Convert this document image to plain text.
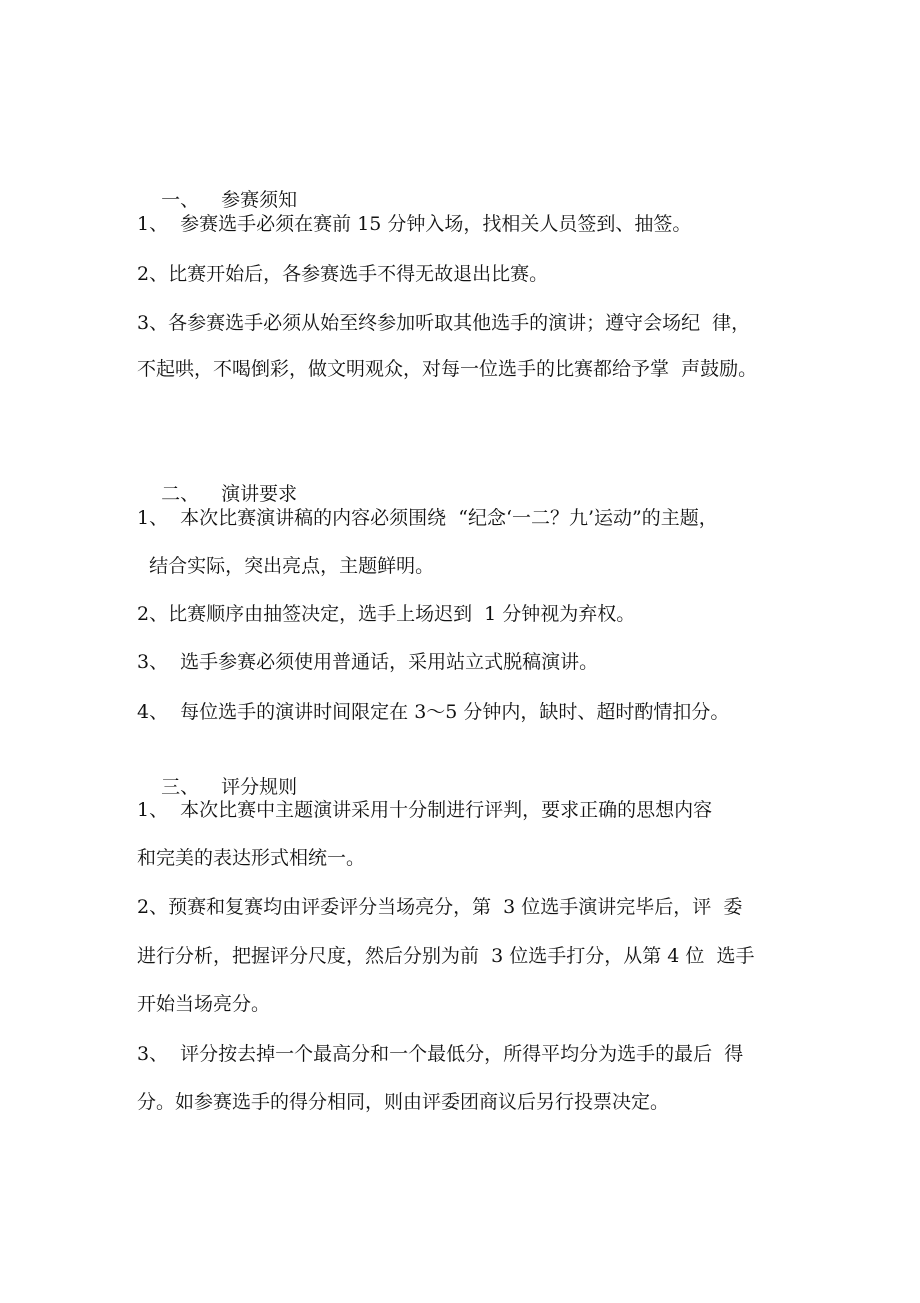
一、 参赛须知

1、  参赛选手必须在赛前 15 分钟入场，找相关人员签到、抽签。
2、比赛开始后，各参赛选手不得无故退出比赛。
3、各参赛选手必须从始至终参加听取其他选手的演讲；遵守会场纪  律，
不起哄，不喝倒彩，做文明观众，对每一位选手的比赛都给予掌  声鼓励。

二、 演讲要求

1、  本次比赛演讲稿的内容必须围绕  “纪念‘一二？九’运动”的主题，
结合实际，突出亮点，主题鲜明。
2、比赛顺序由抽签决定，选手上场迟到  1 分钟视为弃权。
3、  选手参赛必须使用普通话，采用站立式脱稿演讲。
4、  每位选手的演讲时间限定在 3～5 分钟内，缺时、超时酌情扣分。

三、 评分规则

1、  本次比赛中主题演讲采用十分制进行评判，要求正确的思想内容
和完美的表达形式相统一。
2、预赛和复赛均由评委评分当场亮分，第  3 位选手演讲完毕后，评  委
进行分析，把握评分尺度，然后分别为前  3 位选手打分，从第 4 位  选手
开始当场亮分。
3、  评分按去掉一个最高分和一个最低分，所得平均分为选手的最后  得
分。如参赛选手的得分相同，则由评委团商议后另行投票决定。
